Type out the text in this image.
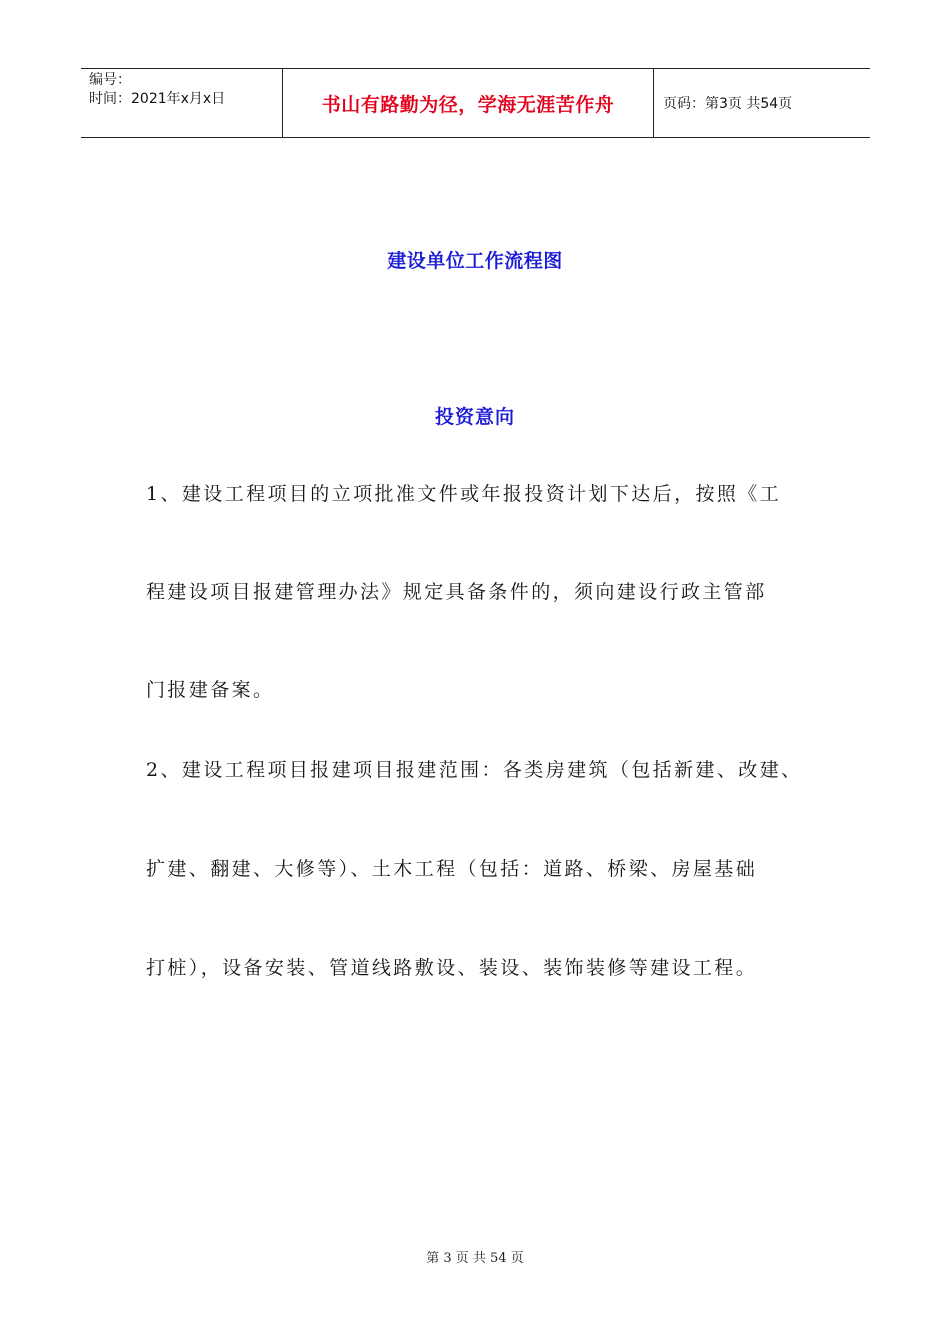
编号：
时间：2021年x月x日	书山有路勤为径，学海无涯苦作舟	页码：第3页 共54页
建设单位工作流程图
投资意向
1、建设工程项目的立项批准文件或年报投资计划下达后，按照《工
程建设项目报建管理办法》规定具备条件的，须向建设行政主管部
门报建备案。
2、建设工程项目报建项目报建范围：各类房建筑（包括新建、改建、
扩建、翻建、大修等）、土木工程（包括：道路、桥梁、房屋基础
打桩），设备安装、管道线路敷设、装设、装饰装修等建设工程。
第 3 页 共 54 页
